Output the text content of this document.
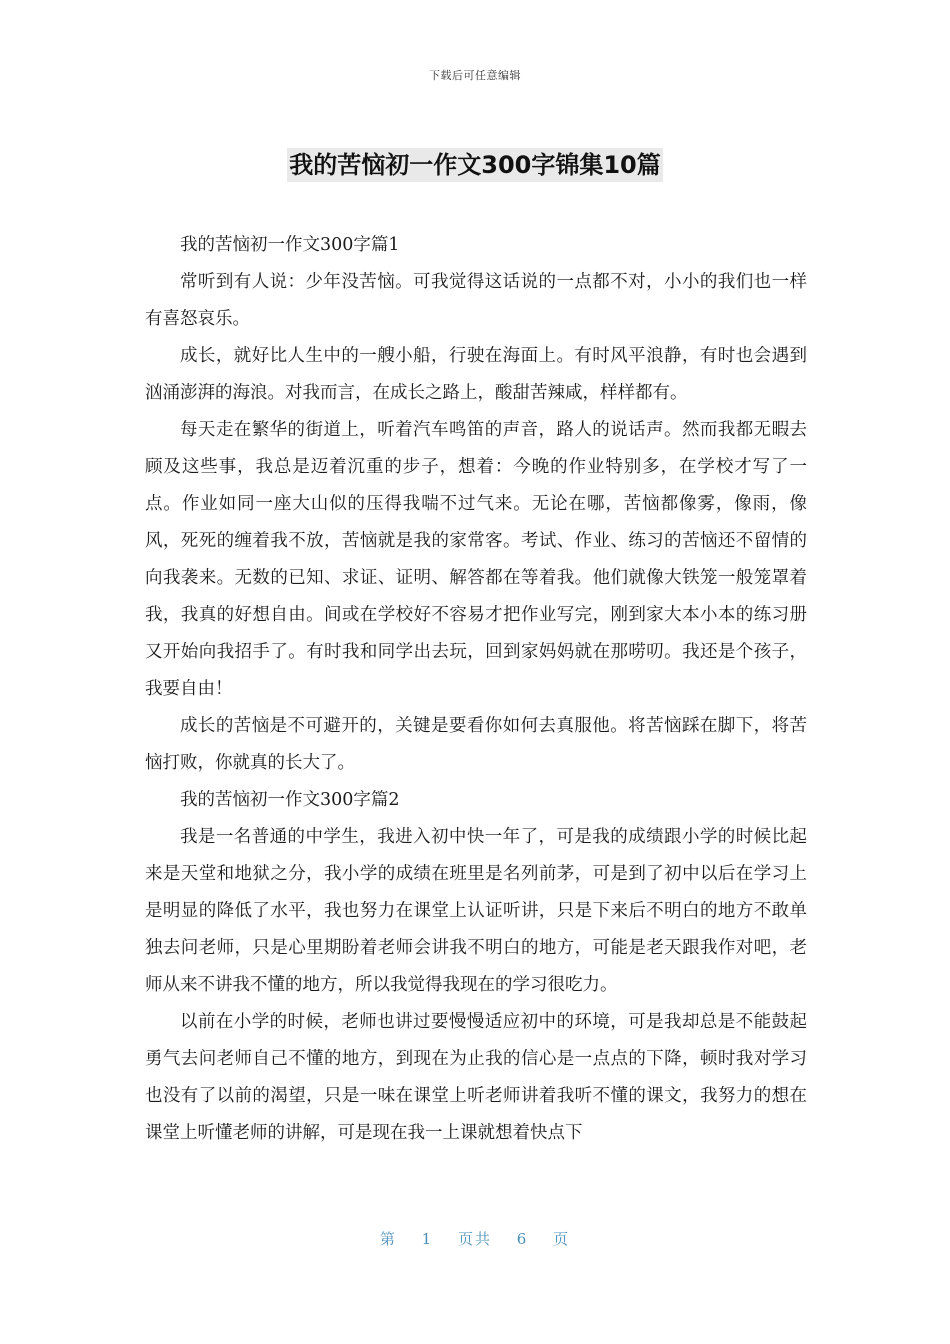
下载后可任意编辑
我的苦恼初一作文300字锦集10篇

我的苦恼初一作文300字篇1

常听到有人说：少年没苦恼。可我觉得这话说的一点都不对，小小的我们也一样有喜怒哀乐。

成长，就好比人生中的一艘小船，行驶在海面上。有时风平浪静，有时也会遇到汹涌澎湃的海浪。对我而言，在成长之路上，酸甜苦辣咸，样样都有。

每天走在繁华的街道上，听着汽车鸣笛的声音，路人的说话声。然而我都无暇去顾及这些事，我总是迈着沉重的步子，想着：今晚的作业特别多，在学校才写了一点。作业如同一座大山似的压得我喘不过气来。无论在哪，苦恼都像雾，像雨，像风，死死的缠着我不放，苦恼就是我的家常客。考试、作业、练习的苦恼还不留情的向我袭来。无数的已知、求证、证明、解答都在等着我。他们就像大铁笼一般笼罩着我，我真的好想自由。间或在学校好不容易才把作业写完，刚到家大本小本的练习册又开始向我招手了。有时我和同学出去玩，回到家妈妈就在那唠叨。我还是个孩子，我要自由！

成长的苦恼是不可避开的，关键是要看你如何去真服他。将苦恼踩在脚下，将苦恼打败，你就真的长大了。

我的苦恼初一作文300字篇2

我是一名普通的中学生，我进入初中快一年了，可是我的成绩跟小学的时候比起来是天堂和地狱之分，我小学的成绩在班里是名列前茅，可是到了初中以后在学习上是明显的降低了水平，我也努力在课堂上认证听讲，只是下来后不明白的地方不敢单独去问老师，只是心里期盼着老师会讲我不明白的地方，可能是老天跟我作对吧，老师从来不讲我不懂的地方，所以我觉得我现在的学习很吃力。

以前在小学的时候，老师也讲过要慢慢适应初中的环境，可是我却总是不能鼓起勇气去问老师自己不懂的地方，到现在为止我的信心是一点点的下降，顿时我对学习也没有了以前的渴望，只是一味在课堂上听老师讲着我听不懂的课文，我努力的想在课堂上听懂老师的讲解，可是现在我一上课就想着快点下

第 1 页共 6 页
